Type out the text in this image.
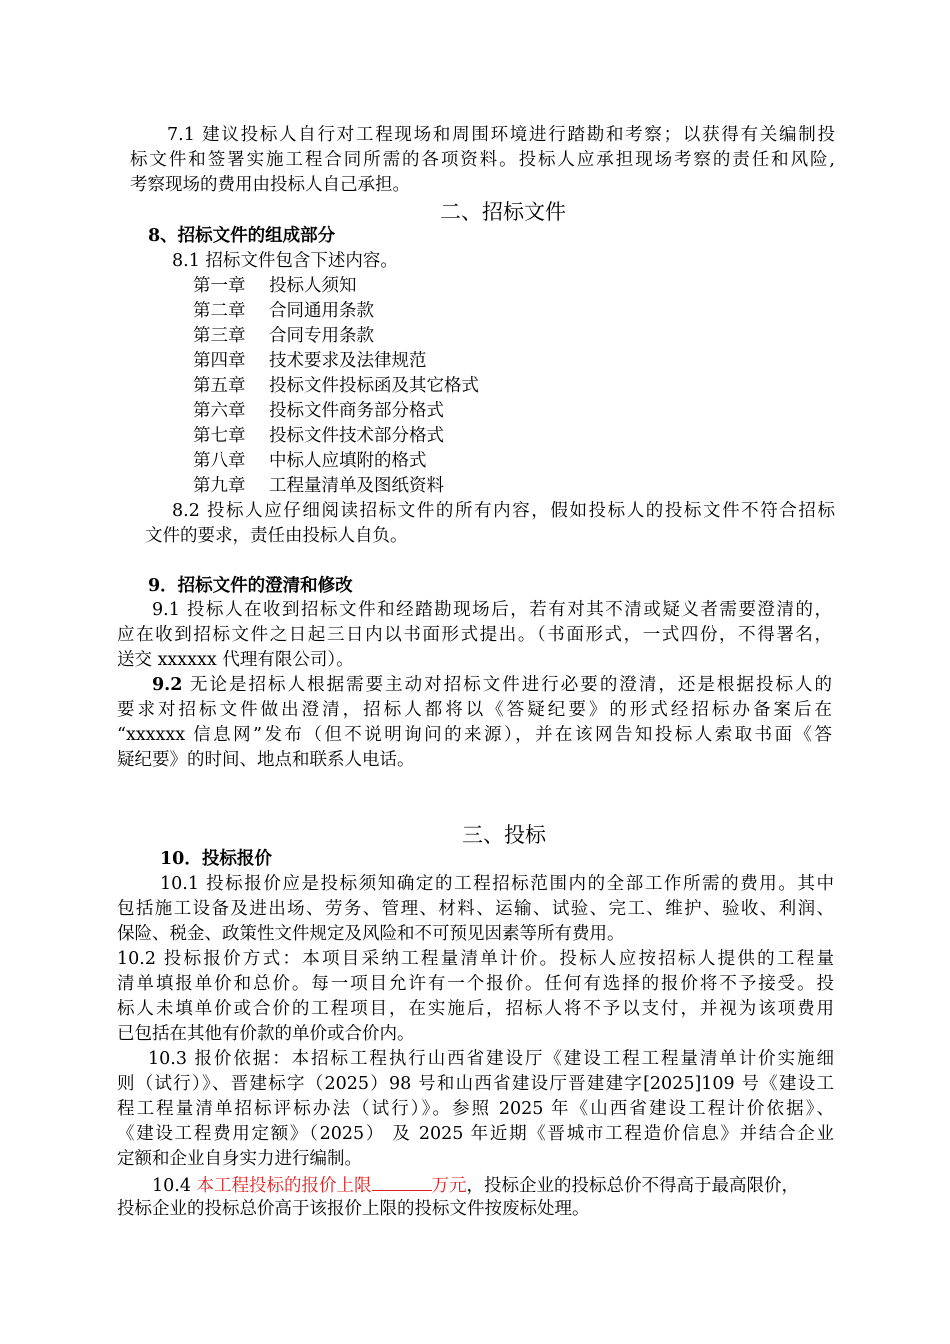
7.1 建议投标人自行对工程现场和周围环境进行踏勘和考察；以获得有关编制投
标文件和签署实施工程合同所需的各项资料。投标人应承担现场考察的责任和风险,
考察现场的费用由投标人自己承担。
二、招标文件
8、招标文件的组成部分
8.1 招标文件包含下述内容。
第一章 投标人须知
第二章 合同通用条款
第三章 合同专用条款
第四章 技术要求及法律规范
第五章 投标文件投标函及其它格式
第六章 投标文件商务部分格式
第七章 投标文件技术部分格式
第八章 中标人应填附的格式
第九章 工程量清单及图纸资料
8.2 投标人应仔细阅读招标文件的所有内容，假如投标人的投标文件不符合招标
文件的要求，责任由投标人自负。
9．招标文件的澄清和修改
9.1 投标人在收到招标文件和经踏勘现场后，若有对其不清或疑义者需要澄清的，
应在收到招标文件之日起三日内以书面形式提出。（书面形式，一式四份，不得署名，
送交 xxxxxx 代理有限公司）。
9.2 无论是招标人根据需要主动对招标文件进行必要的澄清，还是根据投标人的
要求对招标文件做出澄清，招标人都将以《答疑纪要》的形式经招标办备案后在
“xxxxxx 信息网”发布（但不说明询问的来源），并在该网告知投标人索取书面《答
疑纪要》的时间、地点和联系人电话。
三、投标
10．投标报价
10.1 投标报价应是投标须知确定的工程招标范围内的全部工作所需的费用。其中
包括施工设备及进出场、劳务、管理、材料、运输、试验、完工、维护、验收、利润、
保险、税金、政策性文件规定及风险和不可预见因素等所有费用。
10.2 投标报价方式：本项目采纳工程量清单计价。投标人应按招标人提供的工程量
清单填报单价和总价。每一项目允许有一个报价。任何有选择的报价将不予接受。投
标人未填单价或合价的工程项目，在实施后，招标人将不予以支付，并视为该项费用
已包括在其他有价款的单价或合价内。
10.3 报价依据：本招标工程执行山西省建设厅《建设工程工程量清单计价实施细
则（试行）》、晋建标字（2025）98 号和山西省建设厅晋建建字[2025]109 号《建设工
程工程量清单招标评标办法（试行）》。参照 2025 年《山西省建设工程计价依据》、
《建设工程费用定额》（2025） 及 2025 年近期《晋城市工程造价信息》并结合企业
定额和企业自身实力进行编制。
10.4 本工程投标的报价上限	万元，投标企业的投标总价不得高于最高限价，
投标企业的投标总价高于该报价上限的投标文件按废标处理。
